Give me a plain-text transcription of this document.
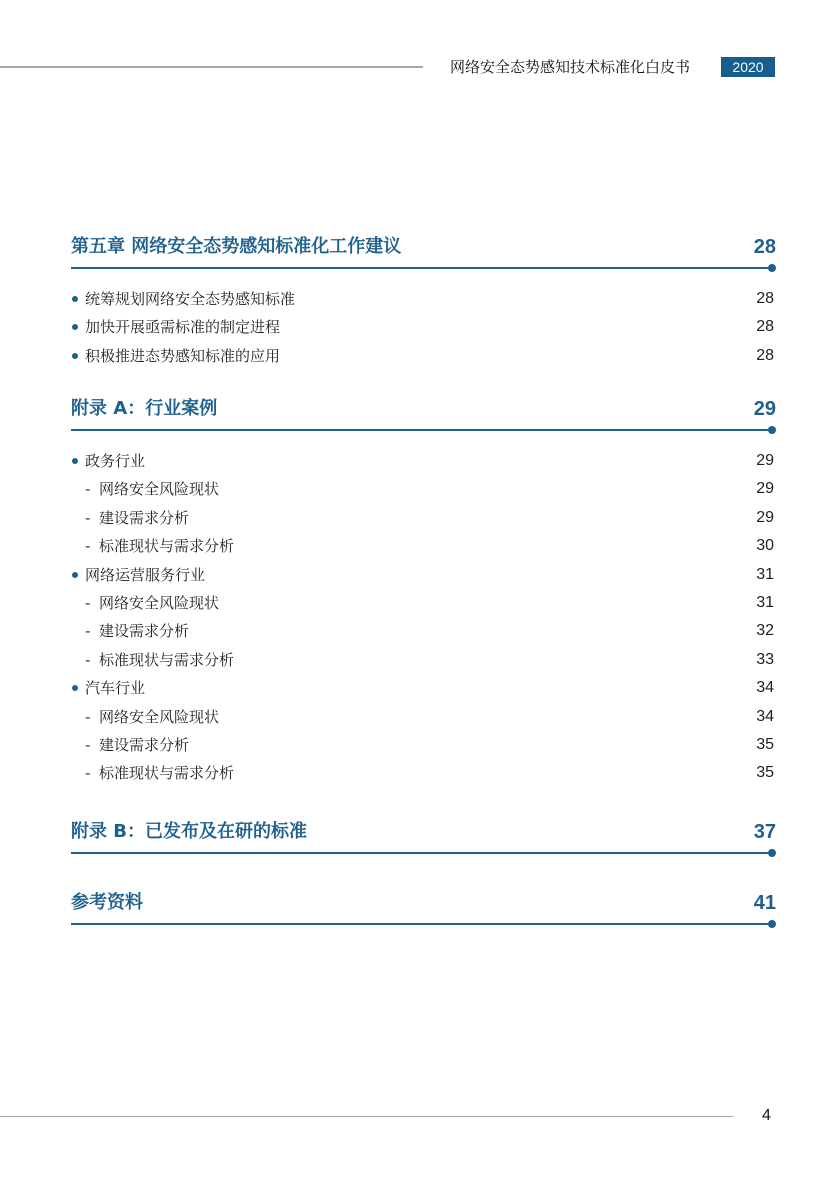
网络安全态势感知技术标准化白皮书	2020
第五章 网络安全态势感知标准化工作建议	28
统筹规划网络安全态势感知标准	28
加快开展亟需标准的制定进程	28
积极推进态势感知标准的应用	28
附录 A：行业案例	29
政务行业	29
- 网络安全风险现状	29
- 建设需求分析	29
- 标准现状与需求分析	30
网络运营服务行业	31
- 网络安全风险现状	31
- 建设需求分析	32
- 标准现状与需求分析	33
汽车行业	34
- 网络安全风险现状	34
- 建设需求分析	35
- 标准现状与需求分析	35
附录 B：已发布及在研的标准	37
参考资料	41
4
